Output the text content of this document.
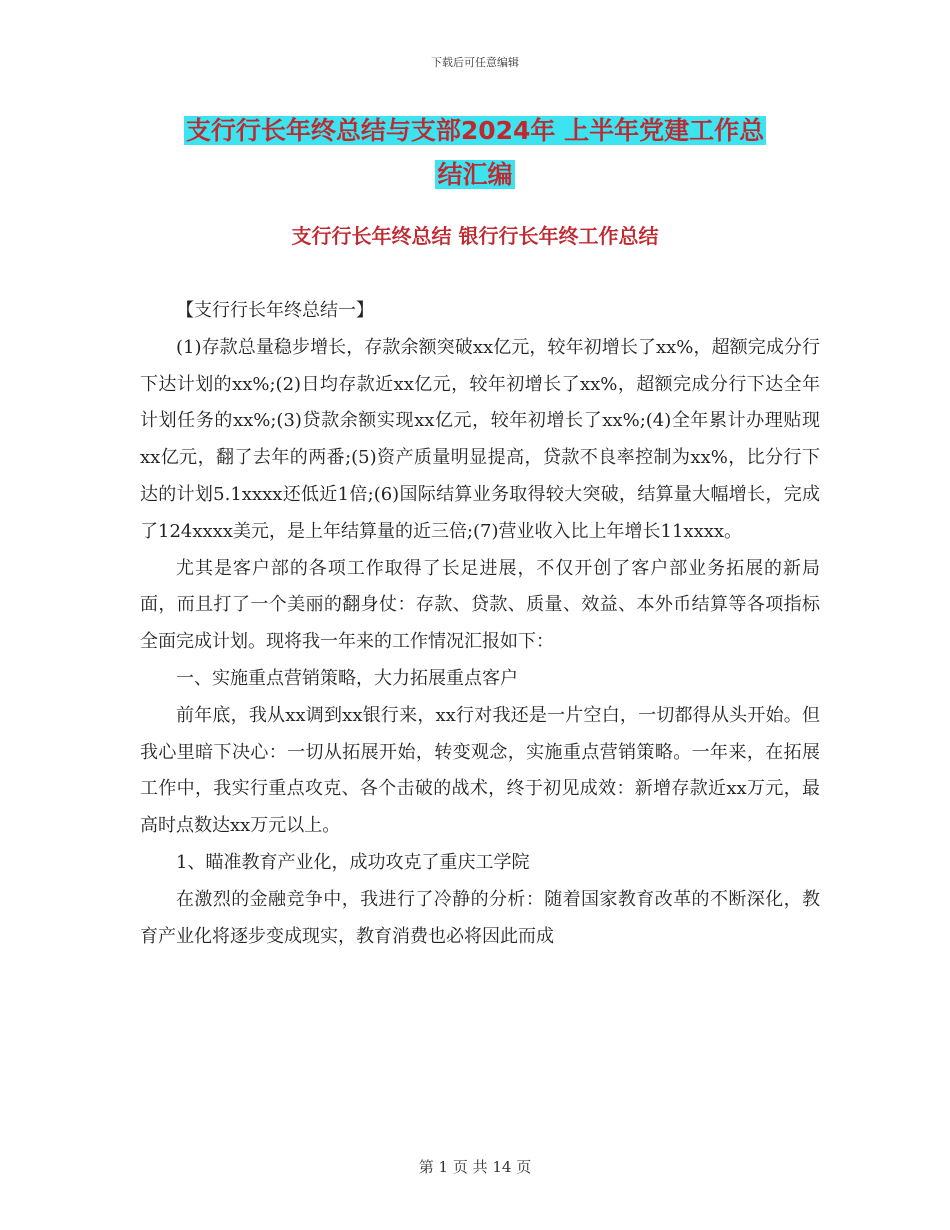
下载后可任意编辑
支行行长年终总结与支部2024年 上半年党建工作总
结汇编
支行行长年终总结 银行行长年终工作总结

【支行行长年终总结一】

(1)存款总量稳步增长，存款余额突破xx亿元，较年初增长了xx%，超额完成分行下达计划的xx%;(2)日均存款近xx亿元，较年初增长了xx%，超额完成分行下达全年计划任务的xx%;(3)贷款余额实现xx亿元，较年初增长了xx%;(4)全年累计办理贴现xx亿元，翻了去年的两番;(5)资产质量明显提高，贷款不良率控制为xx%，比分行下达的计划5.1xxxx还低近1倍;(6)国际结算业务取得较大突破，结算量大幅增长，完成了124xxxx美元，是上年结算量的近三倍;(7)营业收入比上年增长11xxxx。

尤其是客户部的各项工作取得了长足进展，不仅开创了客户部业务拓展的新局面，而且打了一个美丽的翻身仗：存款、贷款、质量、效益、本外币结算等各项指标全面完成计划。现将我一年来的工作情况汇报如下：

一、实施重点营销策略，大力拓展重点客户

前年底，我从xx调到xx银行来，xx行对我还是一片空白，一切都得从头开始。但我心里暗下决心：一切从拓展开始，转变观念，实施重点营销策略。一年来，在拓展工作中，我实行重点攻克、各个击破的战术，终于初见成效：新增存款近xx万元，最高时点数达xx万元以上。

1、瞄准教育产业化，成功攻克了重庆工学院

在激烈的金融竞争中，我进行了冷静的分析：随着国家教育改革的不断深化，教育产业化将逐步变成现实，教育消费也必将因此而成

第 1 页 共 14 页
